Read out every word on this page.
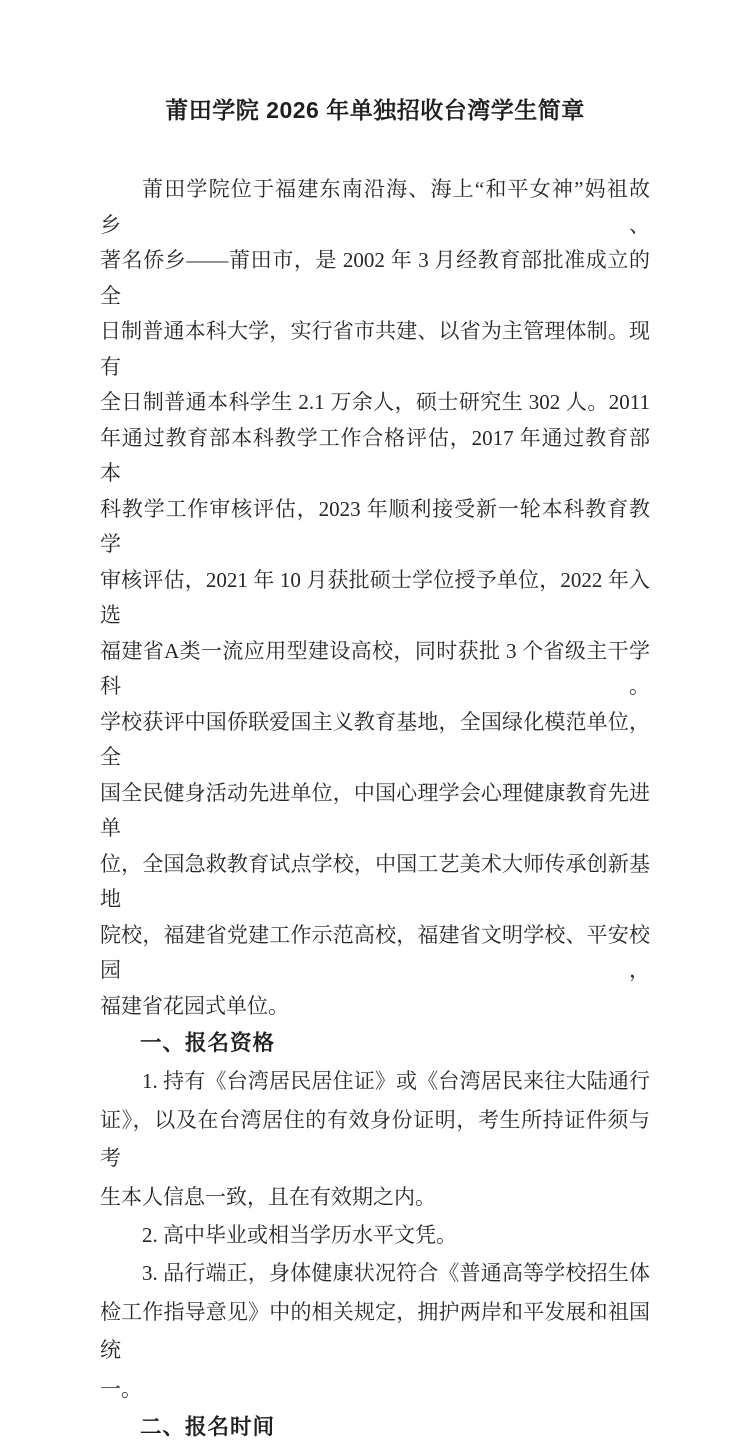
莆田学院 2026 年单独招收台湾学生简章
莆田学院位于福建东南沿海、海上“和平女神”妈祖故乡、
著名侨乡——莆田市，是 2002 年 3 月经教育部批准成立的全
日制普通本科大学，实行省市共建、以省为主管理体制。现有
全日制普通本科学生 2.1 万余人，硕士研究生 302 人。2011
年通过教育部本科教学工作合格评估，2017 年通过教育部本
科教学工作审核评估，2023 年顺利接受新一轮本科教育教学
审核评估，2021 年 10 月获批硕士学位授予单位，2022 年入选
福建省A类一流应用型建设高校，同时获批 3 个省级主干学科。
学校获评中国侨联爱国主义教育基地，全国绿化模范单位，全
国全民健身活动先进单位，中国心理学会心理健康教育先进单
位，全国急救教育试点学校，中国工艺美术大师传承创新基地
院校，福建省党建工作示范高校，福建省文明学校、平安校园，
福建省花园式单位。
一、报名资格
1. 持有《台湾居民居住证》或《台湾居民来往大陆通行
证》，以及在台湾居住的有效身份证明，考生所持证件须与考
生本人信息一致，且在有效期之内。
2. 高中毕业或相当学历水平文凭。
3. 品行端正，身体健康状况符合《普通高等学校招生体
检工作指导意见》中的相关规定，拥护两岸和平发展和祖国统
一。
二、报名时间
